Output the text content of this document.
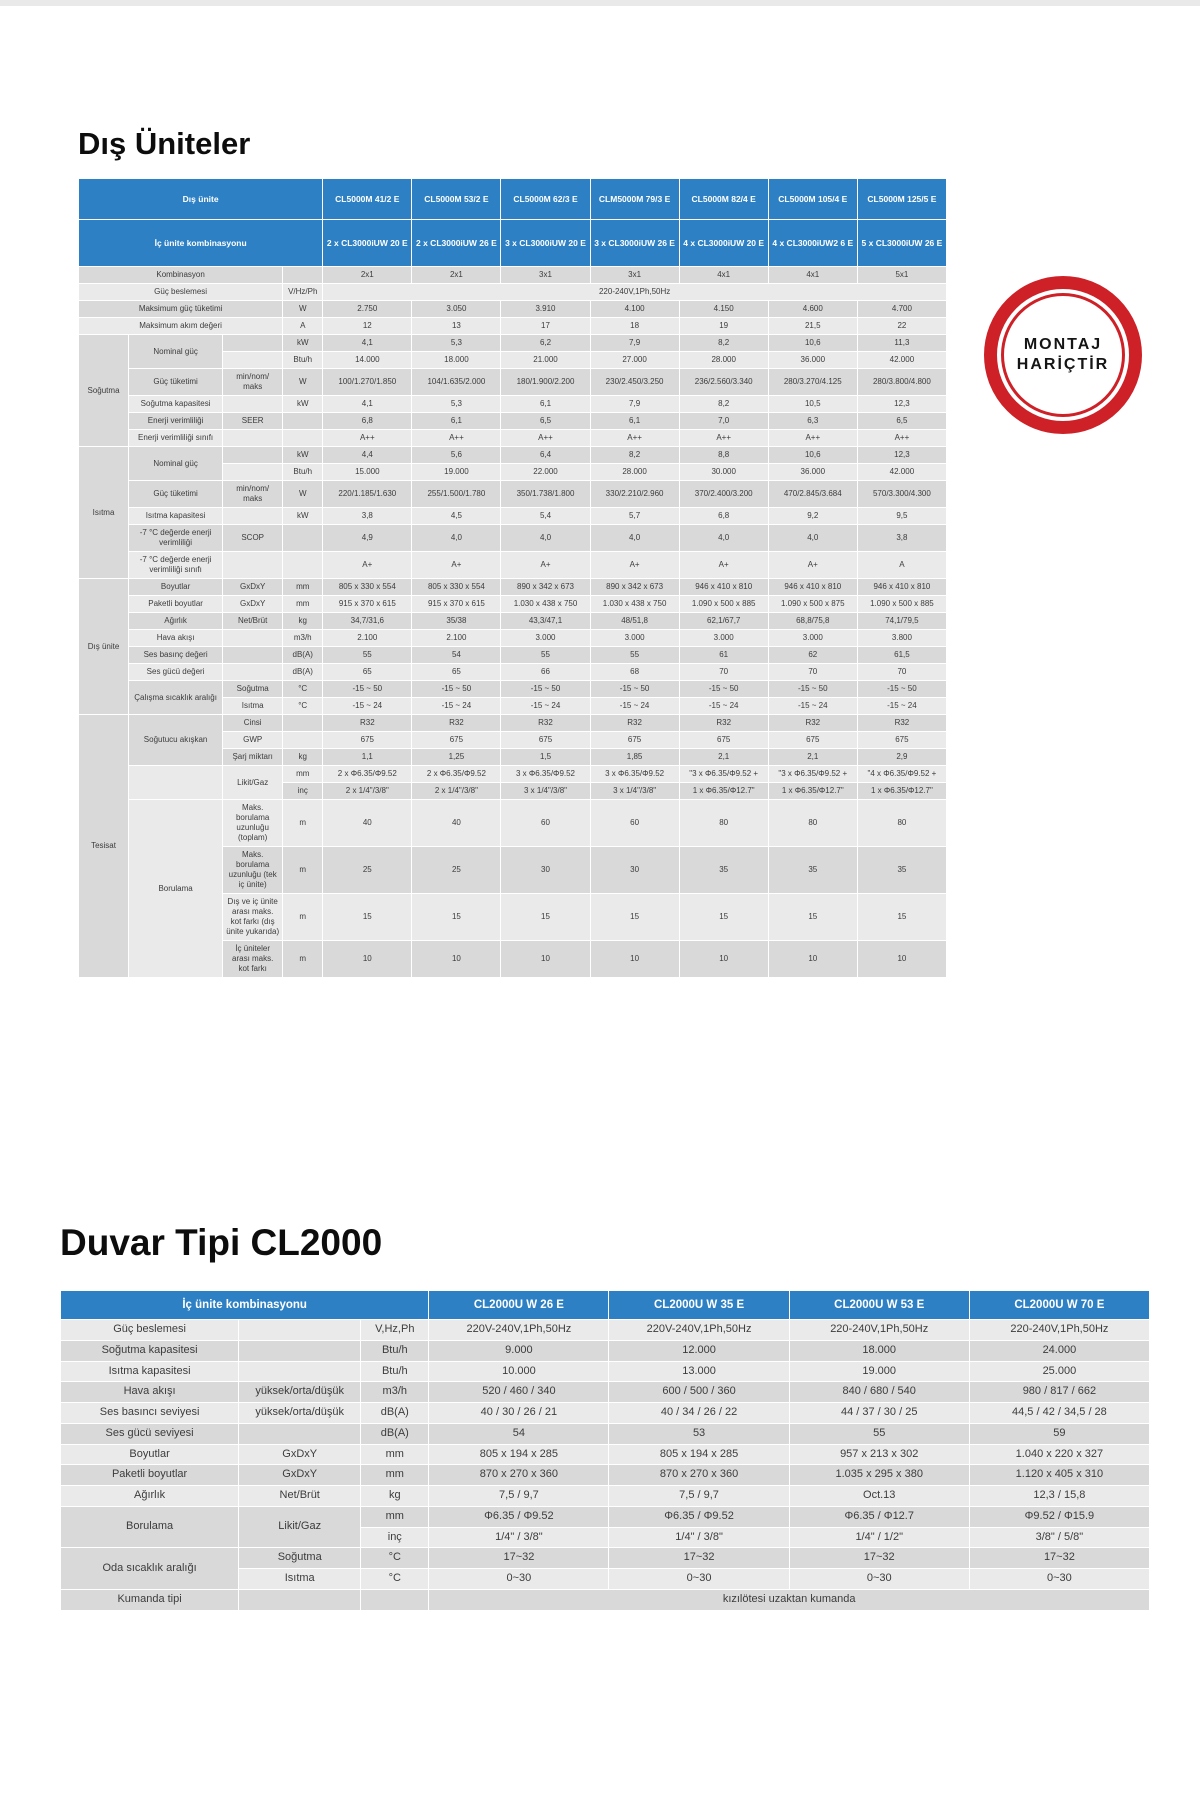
Dış Üniteler
Dış ünite				CL5000M 41/2 E	CL5000M 53/2 E	CL5000M 62/3 E	CLM5000M 79/3 E	CL5000M 82/4 E	CL5000M 105/4 E	CL5000M 125/5 E
İç ünite kombinasyonu				2 x CL3000iUW 20 E	2 x CL3000iUW 26 E	3 x CL3000iUW 20 E	3 x CL3000iUW 26 E	4 x CL3000iUW 20 E	4 x CL3000iUW2 6 E	5 x CL3000iUW 26 E
Kombinasyon				2x1	2x1	3x1	3x1	4x1	4x1	5x1
Güç beslemesi			V/Hz/Ph	220-240V,1Ph,50Hz						
Maksimum güç tüketimi			W	2.750	3.050	3.910	4.100	4.150	4.600	4.700
Maksimum akım değeri			A	12	13	17	18	19	21,5	22
Soğutma	Nominal güç		kW	4,1	5,3	6,2	7,9	8,2	10,6	11,3
			Btu/h	14.000	18.000	21.000	27.000	28.000	36.000	42.000
	Güç tüketimi	min/nom/ maks	W	100/1.270/1.850	104/1.635/2.000	180/1.900/2.200	230/2.450/3.250	236/2.560/3.340	280/3.270/4.125	280/3.800/4.800
	Soğutma kapasitesi		kW	4,1	5,3	6,1	7,9	8,2	10,5	12,3
	Enerji verimliliği	SEER		6,8	6,1	6,5	6,1	7,0	6,3	6,5
	Enerji verimliliği sınıfı			A++	A++	A++	A++	A++	A++	A++
Isıtma	Nominal güç		kW	4,4	5,6	6,4	8,2	8,8	10,6	12,3
			Btu/h	15.000	19.000	22.000	28.000	30.000	36.000	42.000
	Güç tüketimi	min/nom/ maks	W	220/1.185/1.630	255/1.500/1.780	350/1.738/1.800	330/2.210/2.960	370/2.400/3.200	470/2.845/3.684	570/3.300/4.300
	Isıtma kapasitesi		kW	3,8	4,5	5,4	5,7	6,8	9,2	9,5
	-7 °C değerde enerji verimliliği	SCOP		4,9	4,0	4,0	4,0	4,0	4,0	3,8
	-7 °C değerde enerji verimliliği sınıfı			A+	A+	A+	A+	A+	A+	A
Dış ünite	Boyutlar	GxDxY	mm	805 x 330 x 554	805 x 330 x 554	890 x 342 x 673	890 x 342 x 673	946 x 410 x 810	946 x 410 x 810	946 x 410 x 810
	Paketli boyutlar	GxDxY	mm	915 x 370 x 615	915 x 370 x 615	1.030 x 438 x 750	1.030 x 438 x 750	1.090 x 500 x 885	1.090 x 500 x 875	1.090 x 500 x 885
	Ağırlık	Net/Brüt	kg	34,7/31,6	35/38	43,3/47,1	48/51,8	62,1/67,7	68,8/75,8	74,1/79,5
	Hava akışı		m3/h	2.100	2.100	3.000	3.000	3.000	3.000	3.800
	Ses basınç değeri		dB(A)	55	54	55	55	61	62	61,5
	Ses gücü değeri		dB(A)	65	65	66	68	70	70	70
	Çalışma sıcaklık aralığı	Soğutma	°C	-15 ~ 50	-15 ~ 50	-15 ~ 50	-15 ~ 50	-15 ~ 50	-15 ~ 50	-15 ~ 50
		Isıtma	°C	-15 ~ 24	-15 ~ 24	-15 ~ 24	-15 ~ 24	-15 ~ 24	-15 ~ 24	-15 ~ 24
Tesisat	Soğutucu akışkan	Cinsi		R32	R32	R32	R32	R32	R32	R32
		GWP		675	675	675	675	675	675	675
		Şarj miktarı	kg	1,1	1,25	1,5	1,85	2,1	2,1	2,9
		Likit/Gaz	mm	2 x Φ6.35/Φ9.52	2 x Φ6.35/Φ9.52	3 x Φ6.35/Φ9.52	3 x Φ6.35/Φ9.52	"3 x Φ6.35/Φ9.52 +	"3 x Φ6.35/Φ9.52 +	"4 x Φ6.35/Φ9.52 +
			inç	2 x 1/4"/3/8"	2 x 1/4"/3/8"	3 x 1/4"/3/8"	3 x 1/4"/3/8"	1 x Φ6.35/Φ12.7"	1 x Φ6.35/Φ12.7"	1 x Φ6.35/Φ12.7"
	Borulama	Maks. borulama uzunluğu (toplam)	m	40	40	60	60	80	80	80
		Maks. borulama uzunluğu (tek iç ünite)	m	25	25	30	30	35	35	35
		Dış ve iç ünite arası maks. kot farkı (dış ünite yukarıda)	m	15	15	15	15	15	15	15
		İç üniteler arası maks. kot farkı	m	10	10	10	10	10	10	10
MONTAJ
HARİÇTİR
Duvar Tipi CL2000
İç ünite kombinasyonu			CL2000U W 26 E	CL2000U W 35 E	CL2000U W 53 E	CL2000U W 70 E
Güç beslemesi		V,Hz,Ph	220V-240V,1Ph,50Hz	220V-240V,1Ph,50Hz	220-240V,1Ph,50Hz	220-240V,1Ph,50Hz
Soğutma kapasitesi		Btu/h	9.000	12.000	18.000	24.000
Isıtma kapasitesi		Btu/h	10.000	13.000	19.000	25.000
Hava akışı	yüksek/orta/düşük	m3/h	520 / 460 / 340	600 / 500 / 360	840 / 680 / 540	980 / 817 / 662
Ses basıncı seviyesi	yüksek/orta/düşük	dB(A)	40 / 30 / 26 / 21	40 / 34 / 26 / 22	44 / 37 / 30 / 25	44,5 / 42 / 34,5 / 28
Ses gücü seviyesi		dB(A)	54	53	55	59
Boyutlar	GxDxY	mm	805 x 194 x 285	805 x 194 x 285	957 x 213 x 302	1.040 x 220 x 327
Paketli boyutlar	GxDxY	mm	870 x 270 x 360	870 x 270 x 360	1.035 x 295 x 380	1.120 x 405 x 310
Ağırlık	Net/Brüt	kg	7,5 / 9,7	7,5 / 9,7	Oct.13	12,3 / 15,8
Borulama	Likit/Gaz	mm	Φ6.35 / Φ9.52	Φ6.35 / Φ9.52	Φ6.35 / Φ12.7	Φ9.52 / Φ15.9
		inç	1/4" / 3/8"	1/4" / 3/8"	1/4" / 1/2"	3/8" / 5/8"
Oda sıcaklık aralığı	Soğutma	°C	17~32	17~32	17~32	17~32
	Isıtma	°C	0~30	0~30	0~30	0~30
Kumanda tipi			kızılötesi uzaktan kumanda			
